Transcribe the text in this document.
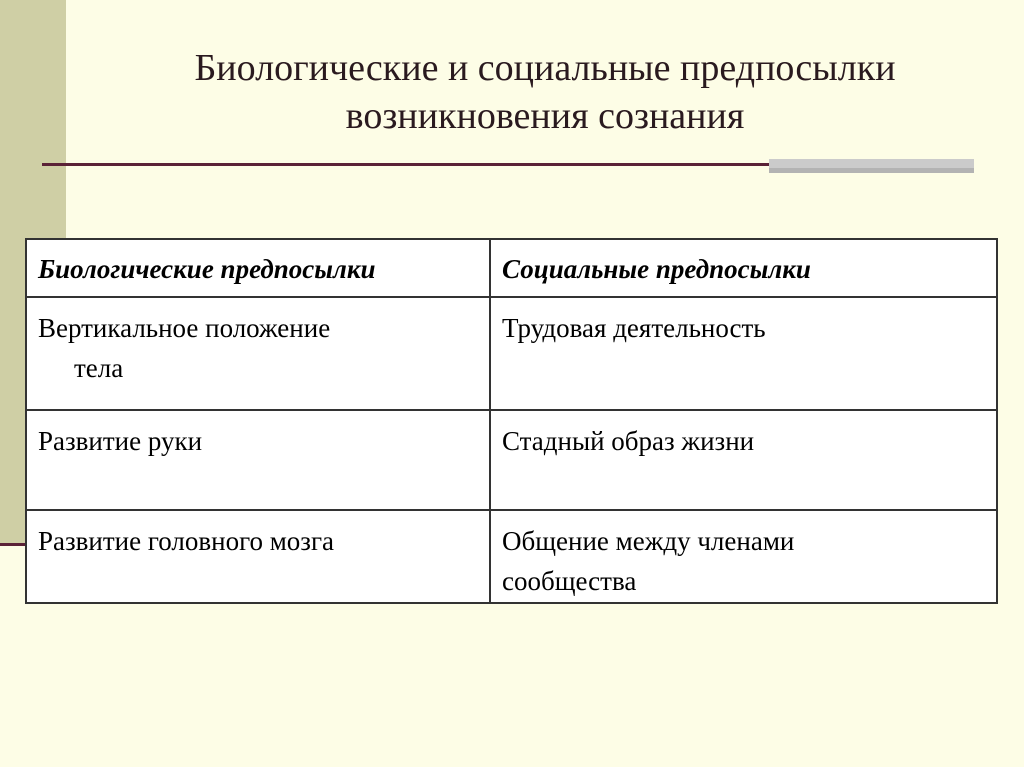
Биологические и социальные предпосылки
возникновения сознания
Биологические предпосылки	Социальные предпосылки

Вертикальное положение
тела	Трудовая деятельность

Развитие руки	Стадный образ жизни

Развитие головного мозга	Общение между членами
сообщества
